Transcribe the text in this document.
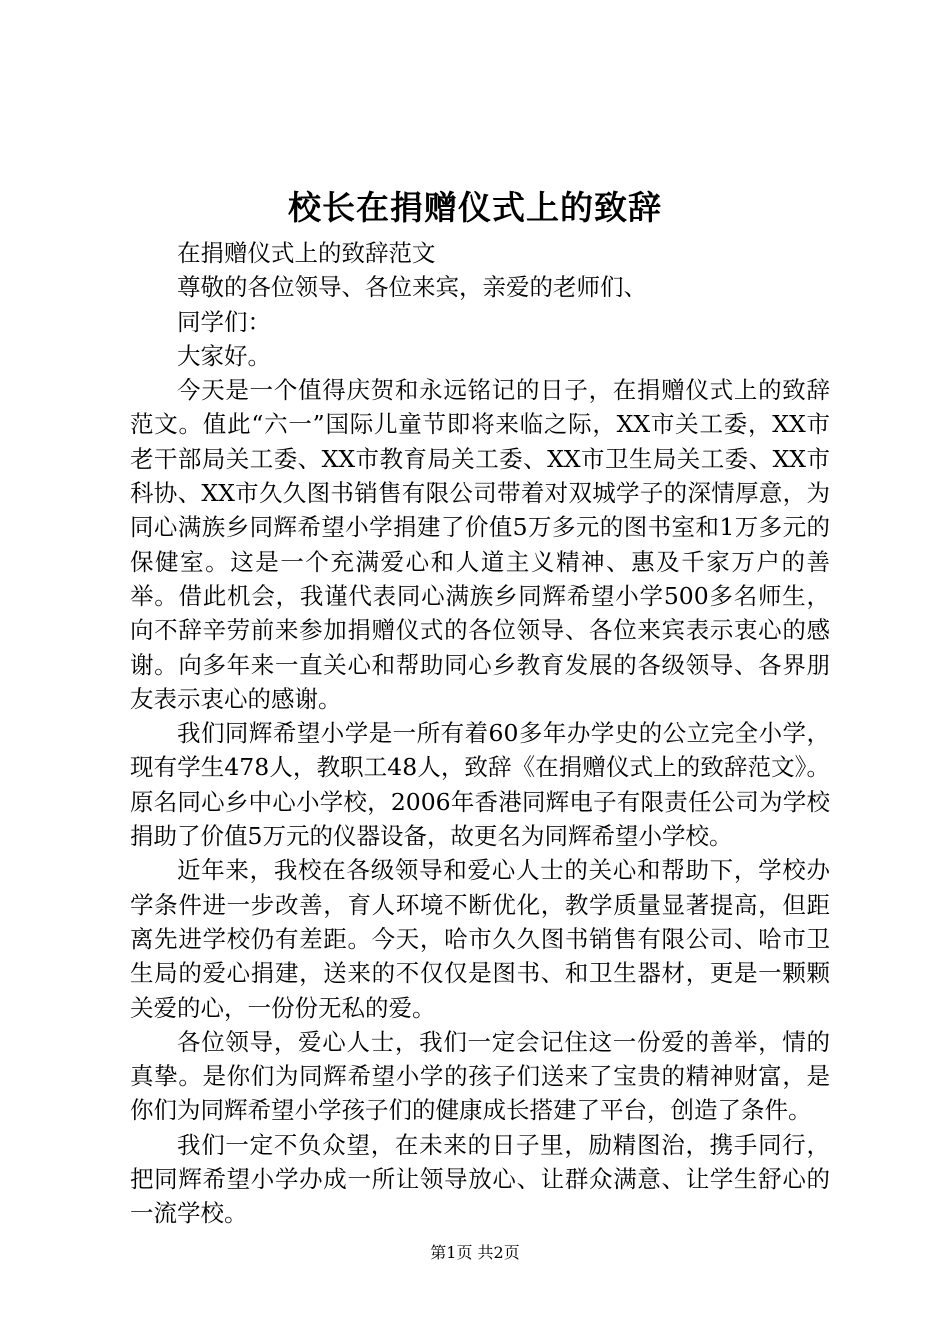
校长在捐赠仪式上的致辞

在捐赠仪式上的致辞范文

尊敬的各位领导、各位来宾，亲爱的老师们、

同学们：

大家好。

今天是一个值得庆贺和永远铭记的日子，在捐赠仪式上的致辞范文。值此“六一”国际儿童节即将来临之际，XX市关工委，XX市老干部局关工委、XX市教育局关工委、XX市卫生局关工委、XX市科协、XX市久久图书销售有限公司带着对双城学子的深情厚意，为同心满族乡同辉希望小学捐建了价值5万多元的图书室和1万多元的保健室。这是一个充满爱心和人道主义精神、惠及千家万户的善举。借此机会，我谨代表同心满族乡同辉希望小学500多名师生，向不辞辛劳前来参加捐赠仪式的各位领导、各位来宾表示衷心的感谢。向多年来一直关心和帮助同心乡教育发展的各级领导、各界朋友表示衷心的感谢。

我们同辉希望小学是一所有着60多年办学史的公立完全小学，现有学生478人，教职工48人，致辞《在捐赠仪式上的致辞范文》。原名同心乡中心小学校，2006年香港同辉电子有限责任公司为学校捐助了价值5万元的仪器设备，故更名为同辉希望小学校。

近年来，我校在各级领导和爱心人士的关心和帮助下，学校办学条件进一步改善，育人环境不断优化，教学质量显著提高，但距离先进学校仍有差距。今天，哈市久久图书销售有限公司、哈市卫生局的爱心捐建，送来的不仅仅是图书、和卫生器材，更是一颗颗关爱的心，一份份无私的爱。

各位领导，爱心人士，我们一定会记住这一份爱的善举，情的真挚。是你们为同辉希望小学的孩子们送来了宝贵的精神财富，是你们为同辉希望小学孩子们的健康成长搭建了平台，创造了条件。

我们一定不负众望，在未来的日子里，励精图治，携手同行，把同辉希望小学办成一所让领导放心、让群众满意、让学生舒心的一流学校。

第1页 共2页
